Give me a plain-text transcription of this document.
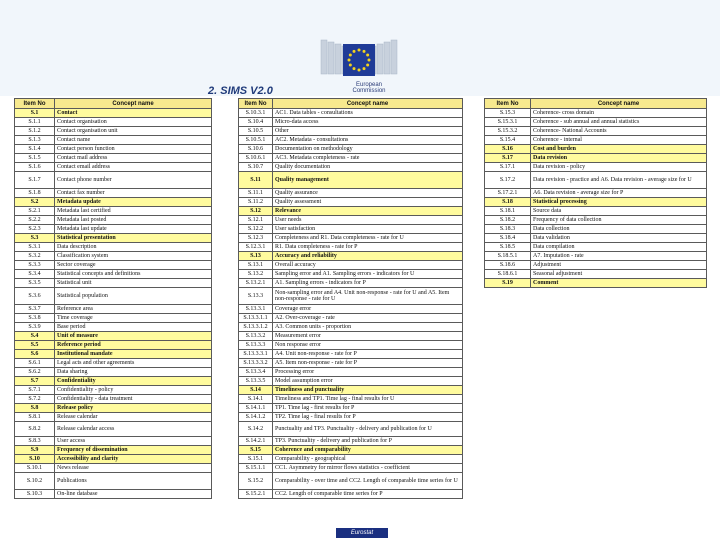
European Commission
2. SIMS V2.0
Item No	Concept name
S.1	Contact
S.1.1	Contact organisation
S.1.2	Contact organisation unit
S.1.3	Contact name
S.1.4	Contact person function
S.1.5	Contact mail address
S.1.6	Contact email address
S.1.7	Contact phone number
S.1.8	Contact fax number
S.2	Metadata update
S.2.1	Metadata last certified
S.2.2	Metadata last posted
S.2.3	Metadata last update
S.3	Statistical presentation
S.3.1	Data description
S.3.2	Classification system
S.3.3	Sector coverage
S.3.4	Statistical concepts and definitions
S.3.5	Statistical unit
S.3.6	Statistical population
S.3.7	Reference area
S.3.8	Time coverage
S.3.9	Base period
S.4	Unit of measure
S.5	Reference period
S.6	Institutional mandate
S.6.1	Legal acts and other agreements
S.6.2	Data sharing
S.7	Confidentiality
S.7.1	Confidentiality - policy
S.7.2	Confidentiality - data treatment
S.8	Release policy
S.8.1	Release calendar
S.8.2	Release calendar access
S.8.3	User access
S.9	Frequency of dissemination
S.10	Accessibility and clarity
S.10.1	News release
S.10.2	Publications
S.10.3	On-line database
Item No	Concept name
S.10.3.1	AC1. Data tables - consultations
S.10.4	Micro-data access
S.10.5	Other
S.10.5.1	AC2. Metadata - consultations
S.10.6	Documentation on methodology
S.10.6.1	AC3. Metadata completeness - rate
S.10.7	Quality documentation
S.11	Quality management
S.11.1	Quality assurance
S.11.2	Quality assessment
S.12	Relevance
S.12.1	User needs
S.12.2	User satisfaction
S.12.3	Completeness and R1. Data completeness - rate for U
S.12.3.1	R1. Data completeness - rate for P
S.13	Accuracy and reliability
S.13.1	Overall accuracy
S.13.2	Sampling error and A1. Sampling errors - indicators for U
S.13.2.1	A1. Sampling errors - indicators for P
S.13.3	Non-sampling error and A4. Unit non-response - rate for U and A5. Item non-response - rate for U
S.13.3.1	Coverage error
S.13.3.1.1	A2. Over-coverage - rate
S.13.3.1.2	A3. Common units - proportion
S.13.3.2	Measurement error
S.13.3.3	Non response error
S.13.3.3.1	A4. Unit non-response - rate for P
S.13.3.3.2	A5. Item non-response - rate for P
S.13.3.4	Processing error
S.13.3.5	Model assumption error
S.14	Timeliness and punctuality
S.14.1	Timeliness and TP1. Time lag - final results for U
S.14.1.1	TP1. Time lag - first results for P
S.14.1.2	TP2. Time lag - final results for P
S.14.2	Punctuality and TP3. Punctuality - delivery and publication for U
S.14.2.1	TP3. Punctuality - delivery and publication for P
S.15	Coherence and comparability
S.15.1	Comparability - geographical
S.15.1.1	CC1. Asymmetry for mirror flows statistics - coefficient
S.15.2	Comparability - over time and CC2. Length of comparable time series for U
S.15.2.1	CC2. Length of comparable time series for P
Item No	Concept name
S.15.3	Coherence- cross domain
S.15.3.1	Coherence - sub annual and annual statistics
S.15.3.2	Coherence- National Accounts
S.15.4	Coherence - internal
S.16	Cost and burden
S.17	Data revision
S.17.1	Data revision - policy
S.17.2	Data revision - practice and A6. Data revision - average size for U
S.17.2.1	A6. Data revision - average size for P
S.18	Statistical processing
S.18.1	Source data
S.18.2	Frequency of data collection
S.18.3	Data collection
S.18.4	Data validation
S.18.5	Data compilation
S.18.5.1	A7. Imputation - rate
S.18.6	Adjustment
S.18.6.1	Seasonal adjustment
S.19	Comment
Eurostat
